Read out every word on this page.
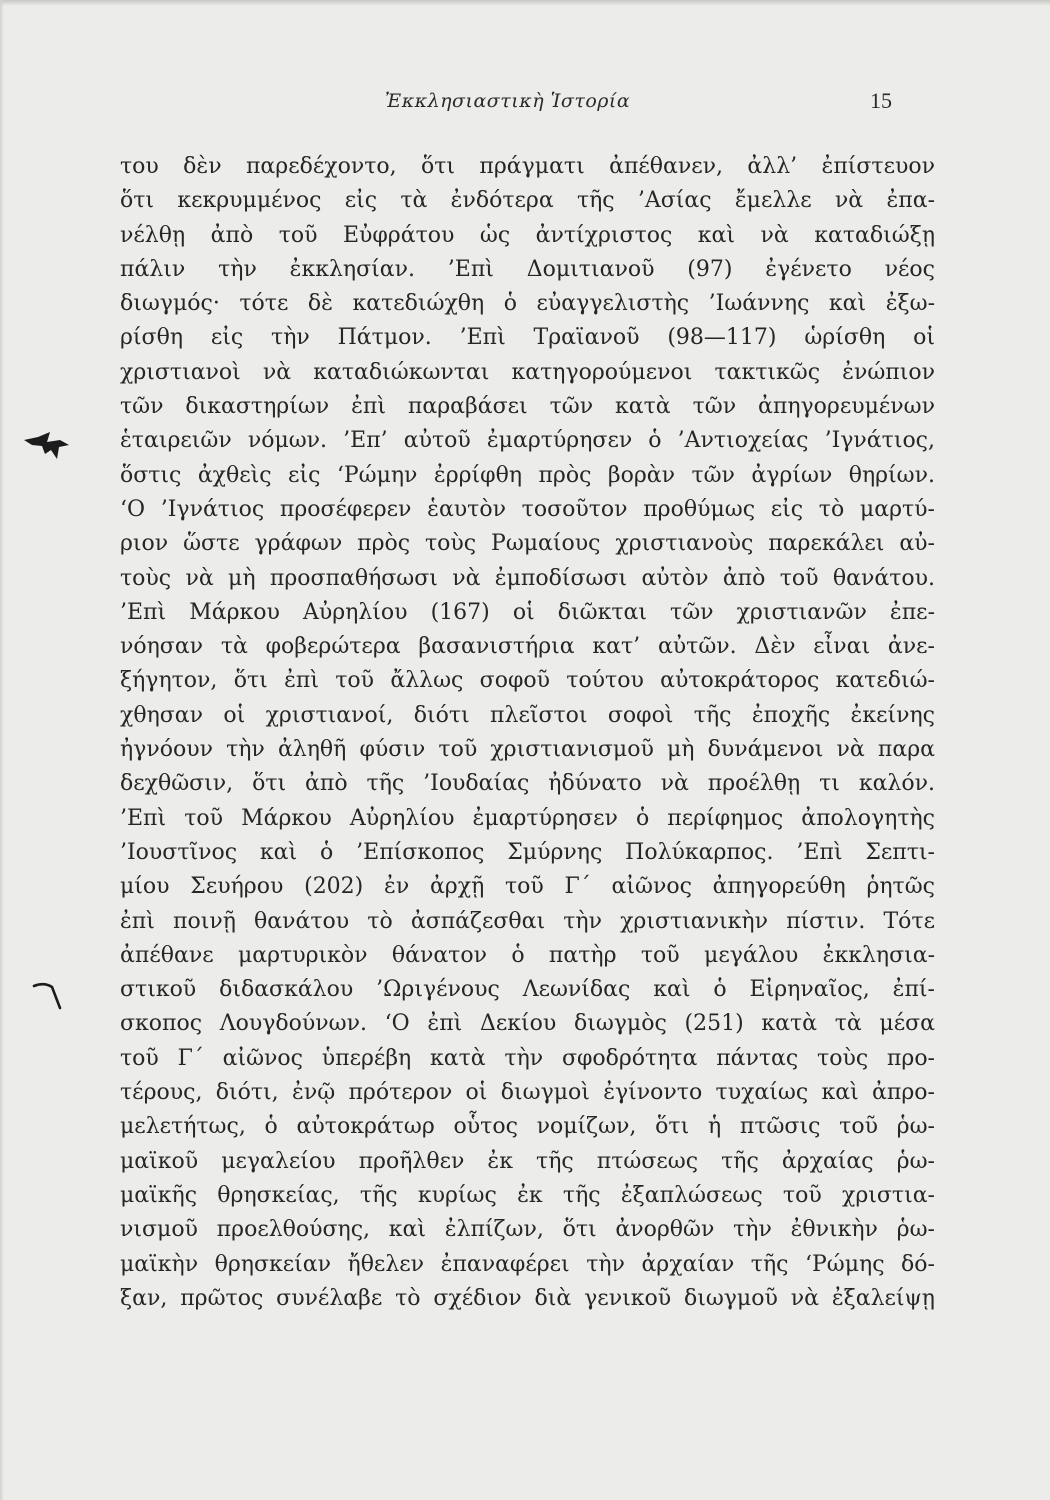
Ἐκκλησιαστικὴ Ἱστορία	15
του δὲν παρεδέχοντο, ὅτι πράγματι ἀπέθανεν, ἀλλ’ ἐπίστευον
ὅτι κεκρυμμένος εἰς τὰ ἐνδότερα τῆς ’Ασίας ἔμελλε νὰ ἐπα-
νέλθῃ ἀπὸ τοῦ Εὐφράτου ὡς ἀντίχριστος καὶ νὰ καταδιώξῃ
πάλιν τὴν ἐκκλησίαν. ’Επὶ Δομιτιανοῦ (97) ἐγένετο νέος
διωγμός· τότε δὲ κατεδιώχθη ὁ εὐαγγελιστὴς ’Ιωάννης καὶ ἐξω-
ρίσθη εἰς τὴν Πάτμον. ’Επὶ Τραϊανοῦ (98—117) ὡρίσθη οἱ
χριστιανοὶ νὰ καταδιώκωνται κατηγορούμενοι τακτικῶς ἐνώπιον
τῶν δικαστηρίων ἐπὶ παραβάσει τῶν κατὰ τῶν ἀπηγορευμένων
ἑταιρειῶν νόμων. ’Επ’ αὐτοῦ ἐμαρτύρησεν ὁ ’Αντιοχείας ’Ιγνάτιος,
ὅστις ἀχθεὶς εἰς ‘Ρώμην ἐρρίφθη πρὸς βορὰν τῶν ἀγρίων θηρίων.
‘Ο ’Ιγνάτιος προσέφερεν ἑαυτὸν τοσοῦτον προθύμως εἰς τὸ μαρτύ-
ριον ὥστε γράφων πρὸς τοὺς Ρωμαίους χριστιανοὺς παρεκάλει αὐ-
τοὺς νὰ μὴ προσπαθήσωσι νὰ ἐμποδίσωσι αὐτὸν ἀπὸ τοῦ θανάτου.
’Επὶ Μάρκου Αὐρηλίου (167) οἱ διῶκται τῶν χριστιανῶν ἐπε-
νόησαν τὰ φοβερώτερα βασανιστήρια κατ’ αὐτῶν. Δὲν εἶναι ἀνε-
ξήγητον, ὅτι ἐπὶ τοῦ ἄλλως σοφοῦ τούτου αὐτοκράτορος κατεδιώ-
χθησαν οἱ χριστιανοί, διότι πλεῖστοι σοφοὶ τῆς ἐποχῆς ἐκείνης
ἠγνόουν τὴν ἀληθῆ φύσιν τοῦ χριστιανισμοῦ μὴ δυνάμενοι νὰ παρα
δεχθῶσιν, ὅτι ἀπὸ τῆς ’Ιουδαίας ἠδύνατο νὰ προέλθῃ τι καλόν.
’Επὶ τοῦ Μάρκου Αὐρηλίου ἐμαρτύρησεν ὁ περίφημος ἀπολογητὴς
’Ιουστῖνος καὶ ὁ ’Επίσκοπος Σμύρνης Πολύκαρπος. ’Επὶ Σεπτι-
μίου Σευήρου (202) ἐν ἀρχῇ τοῦ Γ΄ αἰῶνος ἀπηγορεύθη ῥητῶς
ἐπὶ ποινῇ θανάτου τὸ ἀσπάζεσθαι τὴν χριστιανικὴν πίστιν. Τότε
ἀπέθανε μαρτυρικὸν θάνατον ὁ πατὴρ τοῦ μεγάλου ἐκκλησια-
στικοῦ διδασκάλου ’Ωριγένους Λεωνίδας καὶ ὁ Εἰρηναῖος, ἐπί-
σκοπος Λουγδούνων. ‘Ο ἐπὶ Δεκίου διωγμὸς (251) κατὰ τὰ μέσα
τοῦ Γ΄ αἰῶνος ὑπερέβη κατὰ τὴν σφοδρότητα πάντας τοὺς προ-
τέρους, διότι, ἐνῷ πρότερον οἱ διωγμοὶ ἐγίνοντο τυχαίως καὶ ἀπρο-
μελετήτως, ὁ αὐτοκράτωρ οὗτος νομίζων, ὅτι ἡ πτῶσις τοῦ ῥω-
μαϊκοῦ μεγαλείου προῆλθεν ἐκ τῆς πτώσεως τῆς ἀρχαίας ῥω-
μαϊκῆς θρησκείας, τῆς κυρίως ἐκ τῆς ἐξαπλώσεως τοῦ χριστια-
νισμοῦ προελθούσης, καὶ ἐλπίζων, ὅτι ἀνορθῶν τὴν ἐθνικὴν ῥω-
μαϊκὴν θρησκείαν ἤθελεν ἐπαναφέρει τὴν ἀρχαίαν τῆς ‘Ρώμης δό-
ξαν, πρῶτος συνέλαβε τὸ σχέδιον διὰ γενικοῦ διωγμοῦ νὰ ἐξαλείψῃ
